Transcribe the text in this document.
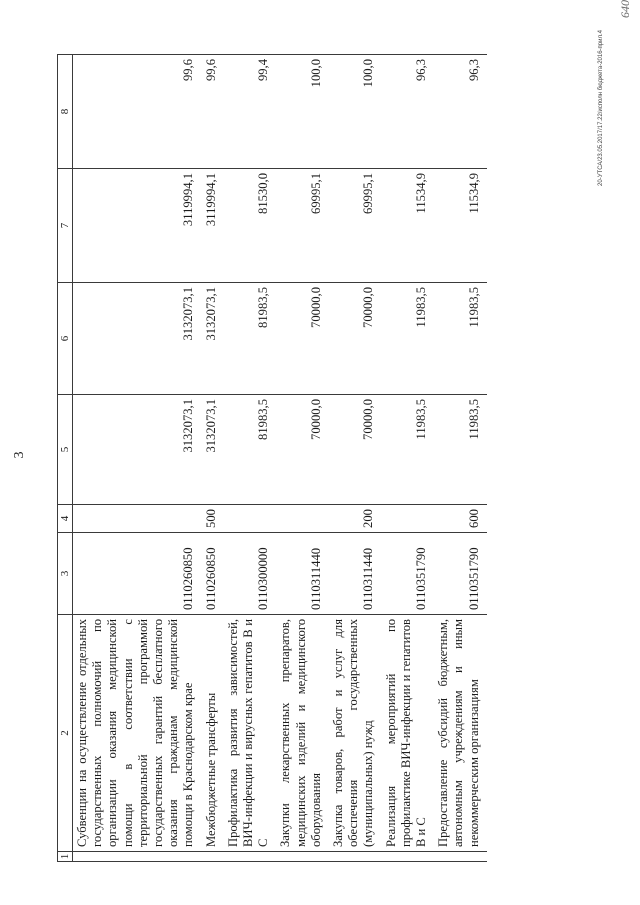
3
1	2	3	4	5	6	7	8
	Субвенции на осуществление отдельных государственных полномочий по организации оказания медицинской помощи в соответствии с территориальной программой государственных гарантий бесплатного оказания гражданам медицинской помощи в Краснодарском крае	0110260850		3132073,1	3132073,1	3119994,1	99,6
	Межбюджетные трансферты	0110260850	500	3132073,1	3132073,1	3119994,1	99,6
	Профилактика развития зависимостей, ВИЧ-инфекции и вирусных гепатитов В и С	0110300000		81983,5	81983,5	81530,0	99,4
	Закупки лекарственных препаратов, медицинских изделий и медицинского оборудования	0110311440		70000,0	70000,0	69995,1	100,0
	Закупка товаров, работ и услуг для обеспечения государственных (муниципальных) нужд	0110311440	200	70000,0	70000,0	69995,1	100,0
	Реализация мероприятий по профилактике ВИЧ-инфекции и гепатитов В и С	0110351790		11983,5	11983,5	11534,9	96,3
	Предоставление субсидий бюджетным, автономным учреждениям и иным некоммерческим организациям	0110351790	600	11983,5	11983,5	11534,9	96,3	20-УТСА/23.05.2017/17.22/исполн бюджета-2016-прил.4
640
